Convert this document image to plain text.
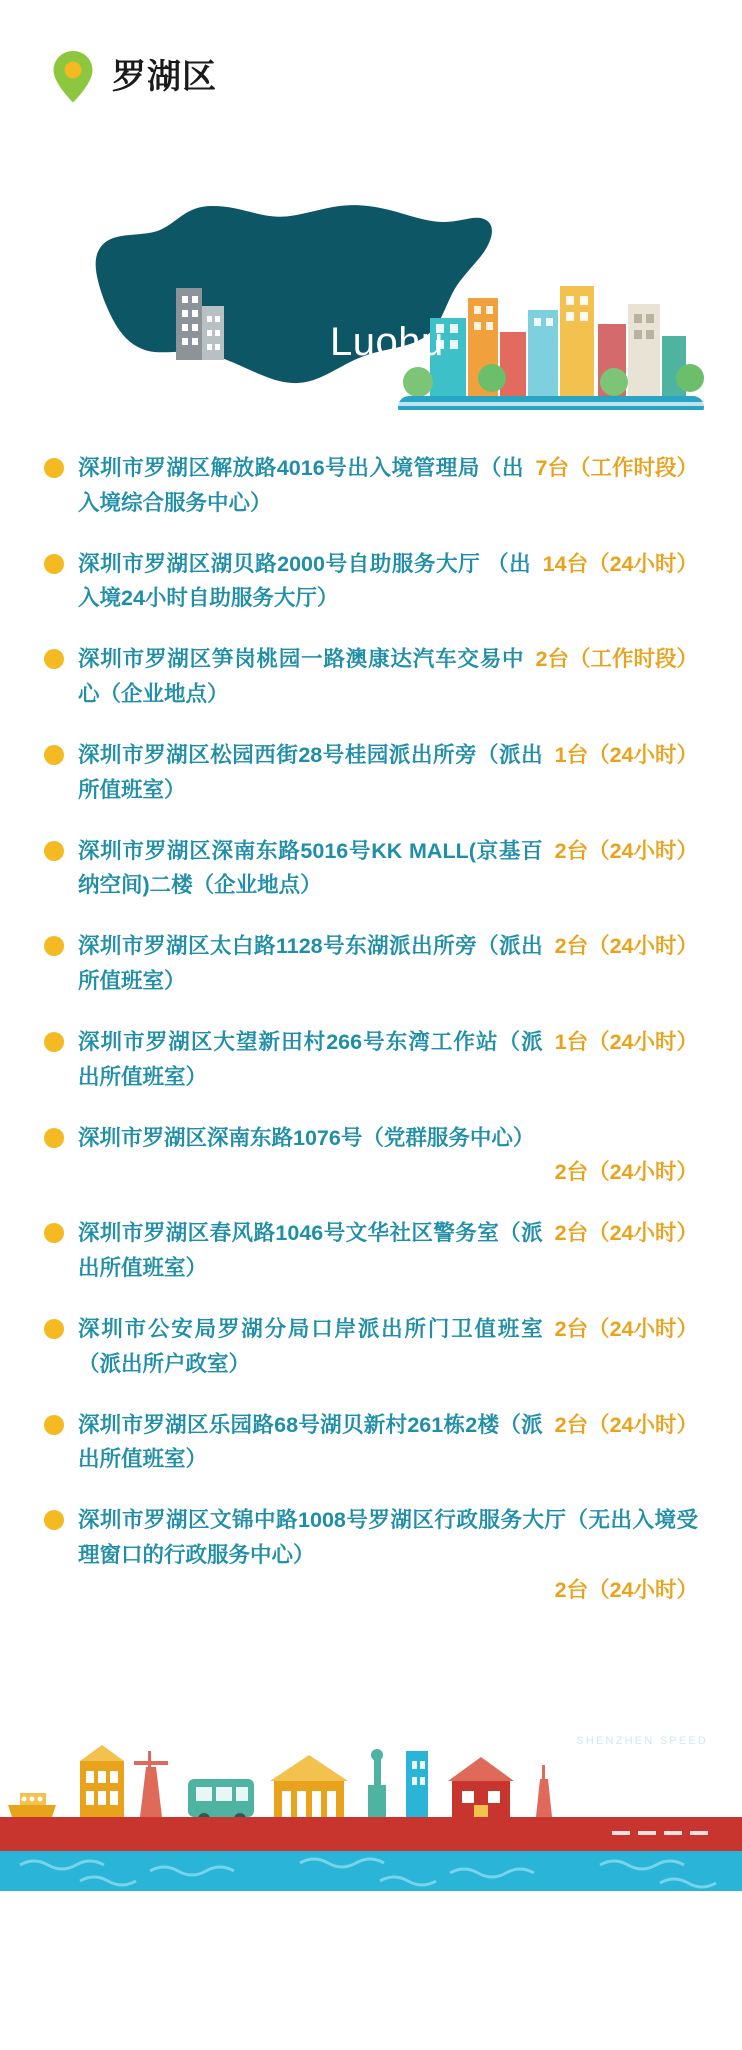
罗湖区
Luohu
7台（工作时段）
深圳市罗湖区解放路4016号出入境管理局（出入境综合服务中心）
14台（24小时）
深圳市罗湖区湖贝路2000号自助服务大厅 （出入境24小时自助服务大厅）
2台（工作时段）
深圳市罗湖区笋岗桃园一路澳康达汽车交易中心（企业地点）
1台（24小时）
深圳市罗湖区松园西街28号桂园派出所旁（派出所值班室）
2台（24小时）
深圳市罗湖区深南东路5016号KK MALL(京基百纳空间)二楼（企业地点）
2台（24小时）
深圳市罗湖区太白路1128号东湖派出所旁（派出所值班室）
1台（24小时）
深圳市罗湖区大望新田村266号东湾工作站（派出所值班室）
深圳市罗湖区深南东路1076号（党群服务中心）
2台（24小时）
2台（24小时）
深圳市罗湖区春风路1046号文华社区警务室（派出所值班室）
2台（24小时）
深圳市公安局罗湖分局口岸派出所门卫值班室（派出所户政室）
2台（24小时）
深圳市罗湖区乐园路68号湖贝新村261栋2楼（派出所值班室）
深圳市罗湖区文锦中路1008号罗湖区行政服务大厅（无出入境受理窗口的行政服务中心）
2台（24小时）
深圳速度
SHENZHEN SPEED
